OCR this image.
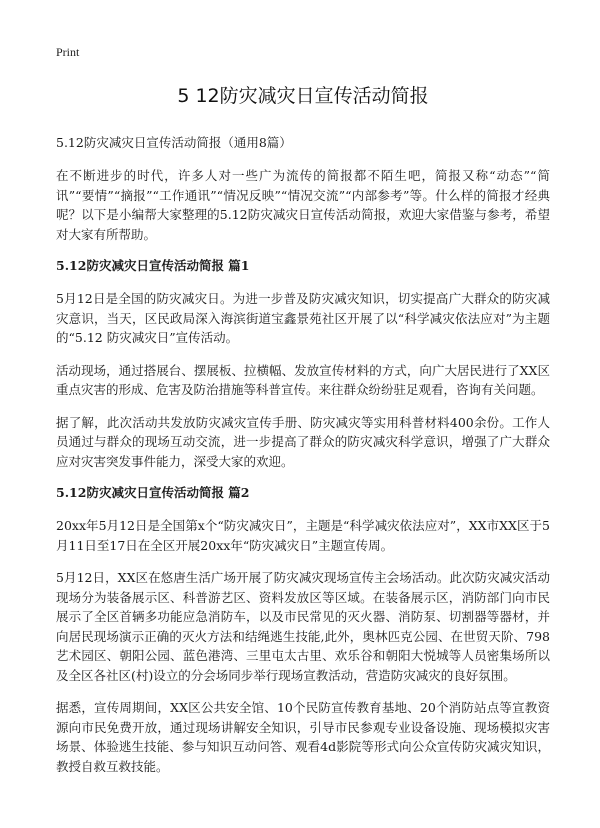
Print
5 12防灾减灾日宣传活动简报

5.12防灾减灾日宣传活动简报（通用8篇）

在不断进步的时代，许多人对一些广为流传的简报都不陌生吧，简报又称“动态”“简讯”“要情”“摘报”“工作通讯”“情况反映”“情况交流”“内部参考”等。什么样的简报才经典呢？以下是小编帮大家整理的5.12防灾减灾日宣传活动简报，欢迎大家借鉴与参考，希望对大家有所帮助。

5.12防灾减灾日宣传活动简报 篇1

5月12日是全国的防灾减灾日。为进一步普及防灾减灾知识，切实提高广大群众的防灾减灾意识，当天，区民政局深入海滨街道宝鑫景苑社区开展了以“科学减灾依法应对”为主题的“5.12 防灾减灾日”宣传活动。

活动现场，通过搭展台、摆展板、拉横幅、发放宣传材料的方式，向广大居民进行了XX区重点灾害的形成、危害及防治措施等科普宣传。来往群众纷纷驻足观看，咨询有关问题。

据了解，此次活动共发放防灾减灾宣传手册、防灾减灾等实用科普材料400余份。工作人员通过与群众的现场互动交流，进一步提高了群众的防灾减灾科学意识，增强了广大群众应对灾害突发事件能力，深受大家的欢迎。

5.12防灾减灾日宣传活动简报 篇2

20xx年5月12日是全国第x个“防灾减灾日”，主题是“科学减灾依法应对”，XX市XX区于5月11日至17日在全区开展20xx年“防灾减灾日”主题宣传周。

5月12日，XX区在悠唐生活广场开展了防灾减灾现场宣传主会场活动。此次防灾减灾活动现场分为装备展示区、科普游艺区、资料发放区等区域。在装备展示区，消防部门向市民展示了全区首辆多功能应急消防车，以及市民常见的灭火器、消防泵、切割器等器材，并向居民现场演示正确的灭火方法和结绳逃生技能,此外，奥林匹克公园、在世贸天阶、798艺术园区、朝阳公园、蓝色港湾、三里屯太古里、欢乐谷和朝阳大悦城等人员密集场所以及全区各社区(村)设立的分会场同步举行现场宣教活动，营造防灾减灾的良好氛围。

据悉，宣传周期间，XX区公共安全馆、10个民防宣传教育基地、20个消防站点等宣教资源向市民免费开放，通过现场讲解安全知识，引导市民参观专业设备设施、现场模拟灾害场景、体验逃生技能、参与知识互动问答、观看4d影院等形式向公众宣传防灾减灾知识，教授自救互救技能。
